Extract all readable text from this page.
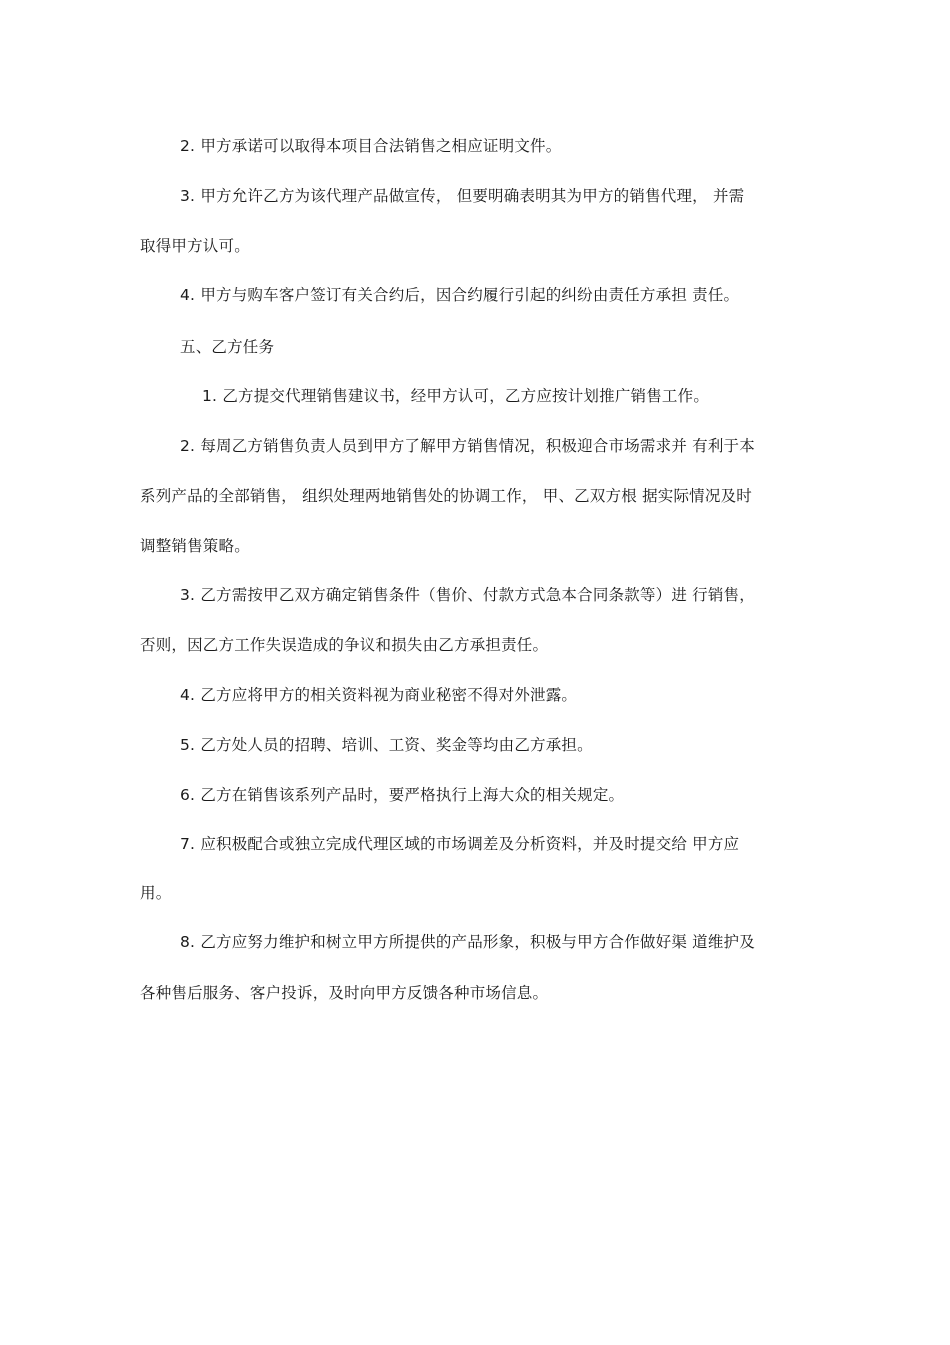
2. 甲方承诺可以取得本项目合法销售之相应证明文件。
3. 甲方允许乙方为该代理产品做宣传， 但要明确表明其为甲方的销售代理， 并需
取得甲方认可。
4. 甲方与购车客户签订有关合约后，因合约履行引起的纠纷由责任方承担 责任。
五、乙方任务
1. 乙方提交代理销售建议书，经甲方认可，乙方应按计划推广销售工作。
2. 每周乙方销售负责人员到甲方了解甲方销售情况，积极迎合市场需求并 有利于本
系列产品的全部销售， 组织处理两地销售处的协调工作， 甲、乙双方根 据实际情况及时
调整销售策略。
3. 乙方需按甲乙双方确定销售条件（售价、付款方式急本合同条款等）进 行销售，
否则，因乙方工作失误造成的争议和损失由乙方承担责任。
4. 乙方应将甲方的相关资料视为商业秘密不得对外泄露。
5. 乙方处人员的招聘、培训、工资、奖金等均由乙方承担。
6. 乙方在销售该系列产品时，要严格执行上海大众的相关规定。
7. 应积极配合或独立完成代理区域的市场调差及分析资料，并及时提交给 甲方应
用。
8. 乙方应努力维护和树立甲方所提供的产品形象，积极与甲方合作做好渠 道维护及
各种售后服务、客户投诉，及时向甲方反馈各种市场信息。
